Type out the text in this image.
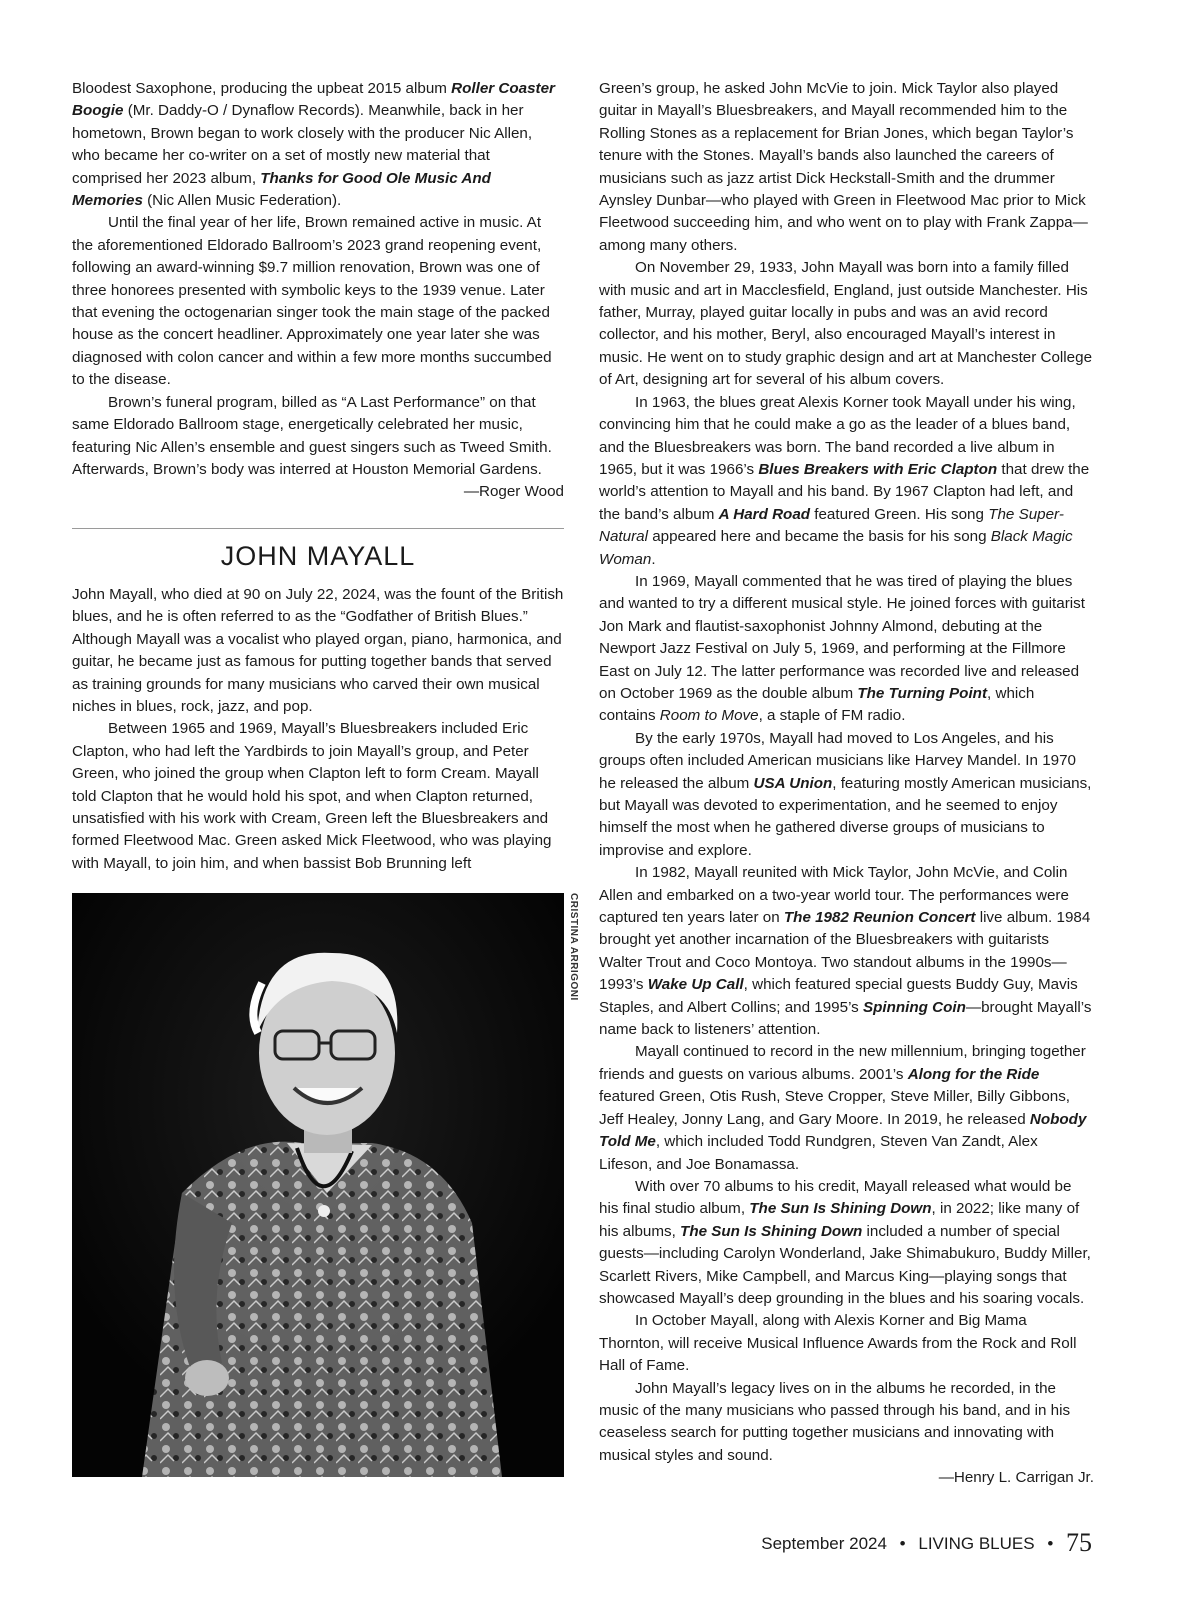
Bloodest Saxophone, producing the upbeat 2015 album Roller Coaster Boogie (Mr. Daddy-O / Dynaflow Records). Meanwhile, back in her hometown, Brown began to work closely with the producer Nic Allen, who became her co-writer on a set of mostly new material that comprised her 2023 album, Thanks for Good Ole Music And Memories (Nic Allen Music Federation).

Until the final year of her life, Brown remained active in music. At the aforementioned Eldorado Ballroom’s 2023 grand reopening event, following an award-winning $9.7 million renovation, Brown was one of three honorees presented with symbolic keys to the 1939 venue. Later that evening the octogenarian singer took the main stage of the packed house as the concert headliner. Approximately one year later she was diagnosed with colon cancer and within a few more months succumbed to the disease.

Brown’s funeral program, billed as “A Last Performance” on that same Eldorado Ballroom stage, energetically celebrated her music, featuring Nic Allen’s ensemble and guest singers such as Tweed Smith. Afterwards, Brown’s body was interred at Houston Memorial Gardens.

—Roger Wood

JOHN MAYALL

John Mayall, who died at 90 on July 22, 2024, was the fount of the British blues, and he is often referred to as the “Godfather of British Blues.” Although Mayall was a vocalist who played organ, piano, harmonica, and guitar, he became just as famous for putting together bands that served as training grounds for many musicians who carved their own musical niches in blues, rock, jazz, and pop.

Between 1965 and 1969, Mayall’s Bluesbreakers included Eric Clapton, who had left the Yardbirds to join Mayall’s group, and Peter Green, who joined the group when Clapton left to form Cream. Mayall told Clapton that he would hold his spot, and when Clapton returned, unsatisfied with his work with Cream, Green left the Bluesbreakers and formed Fleetwood Mac. Green asked Mick Fleetwood, who was playing with Mayall, to join him, and when bassist Bob Brunning left

CRISTINA ARRIGONI

Green’s group, he asked John McVie to join. Mick Taylor also played guitar in Mayall’s Bluesbreakers, and Mayall recommended him to the Rolling Stones as a replacement for Brian Jones, which began Taylor’s tenure with the Stones. Mayall’s bands also launched the careers of musicians such as jazz artist Dick Heckstall-Smith and the drummer Aynsley Dunbar—who played with Green in Fleetwood Mac prior to Mick Fleetwood succeeding him, and who went on to play with Frank Zappa—among many others.

On November 29, 1933, John Mayall was born into a family filled with music and art in Macclesfield, England, just outside Manchester. His father, Murray, played guitar locally in pubs and was an avid record collector, and his mother, Beryl, also encouraged Mayall’s interest in music. He went on to study graphic design and art at Manchester College of Art, designing art for several of his album covers.

In 1963, the blues great Alexis Korner took Mayall under his wing, convincing him that he could make a go as the leader of a blues band, and the Bluesbreakers was born. The band recorded a live album in 1965, but it was 1966’s Blues Breakers with Eric Clapton that drew the world’s attention to Mayall and his band. By 1967 Clapton had left, and the band’s album A Hard Road featured Green. His song The Super-Natural appeared here and became the basis for his song Black Magic Woman.

In 1969, Mayall commented that he was tired of playing the blues and wanted to try a different musical style. He joined forces with guitarist Jon Mark and flautist-saxophonist Johnny Almond, debuting at the Newport Jazz Festival on July 5, 1969, and performing at the Fillmore East on July 12. The latter performance was recorded live and released on October 1969 as the double album The Turning Point, which contains Room to Move, a staple of FM radio.

By the early 1970s, Mayall had moved to Los Angeles, and his groups often included American musicians like Harvey Mandel. In 1970 he released the album USA Union, featuring mostly American musicians, but Mayall was devoted to experimentation, and he seemed to enjoy himself the most when he gathered diverse groups of musicians to improvise and explore.

In 1982, Mayall reunited with Mick Taylor, John McVie, and Colin Allen and embarked on a two-year world tour. The performances were captured ten years later on The 1982 Reunion Concert live album. 1984 brought yet another incarnation of the Bluesbreakers with guitarists Walter Trout and Coco Montoya. Two standout albums in the 1990s—1993’s Wake Up Call, which featured special guests Buddy Guy, Mavis Staples, and Albert Collins; and 1995’s Spinning Coin—brought Mayall’s name back to listeners’ attention.

Mayall continued to record in the new millennium, bringing together friends and guests on various albums. 2001’s Along for the Ride featured Green, Otis Rush, Steve Cropper, Steve Miller, Billy Gibbons, Jeff Healey, Jonny Lang, and Gary Moore. In 2019, he released Nobody Told Me, which included Todd Rundgren, Steven Van Zandt, Alex Lifeson, and Joe Bonamassa.

With over 70 albums to his credit, Mayall released what would be his final studio album, The Sun Is Shining Down, in 2022; like many of his albums, The Sun Is Shining Down included a number of special guests—including Carolyn Wonderland, Jake Shimabukuro, Buddy Miller, Scarlett Rivers, Mike Campbell, and Marcus King—playing songs that showcased Mayall’s deep grounding in the blues and his soaring vocals.

In October Mayall, along with Alexis Korner and Big Mama Thornton, will receive Musical Influence Awards from the Rock and Roll Hall of Fame.

John Mayall’s legacy lives on in the albums he recorded, in the music of the many musicians who passed through his band, and in his ceaseless search for putting together musicians and innovating with musical styles and sound.

—Henry L. Carrigan Jr.

September 2024 • LIVING BLUES • 75
